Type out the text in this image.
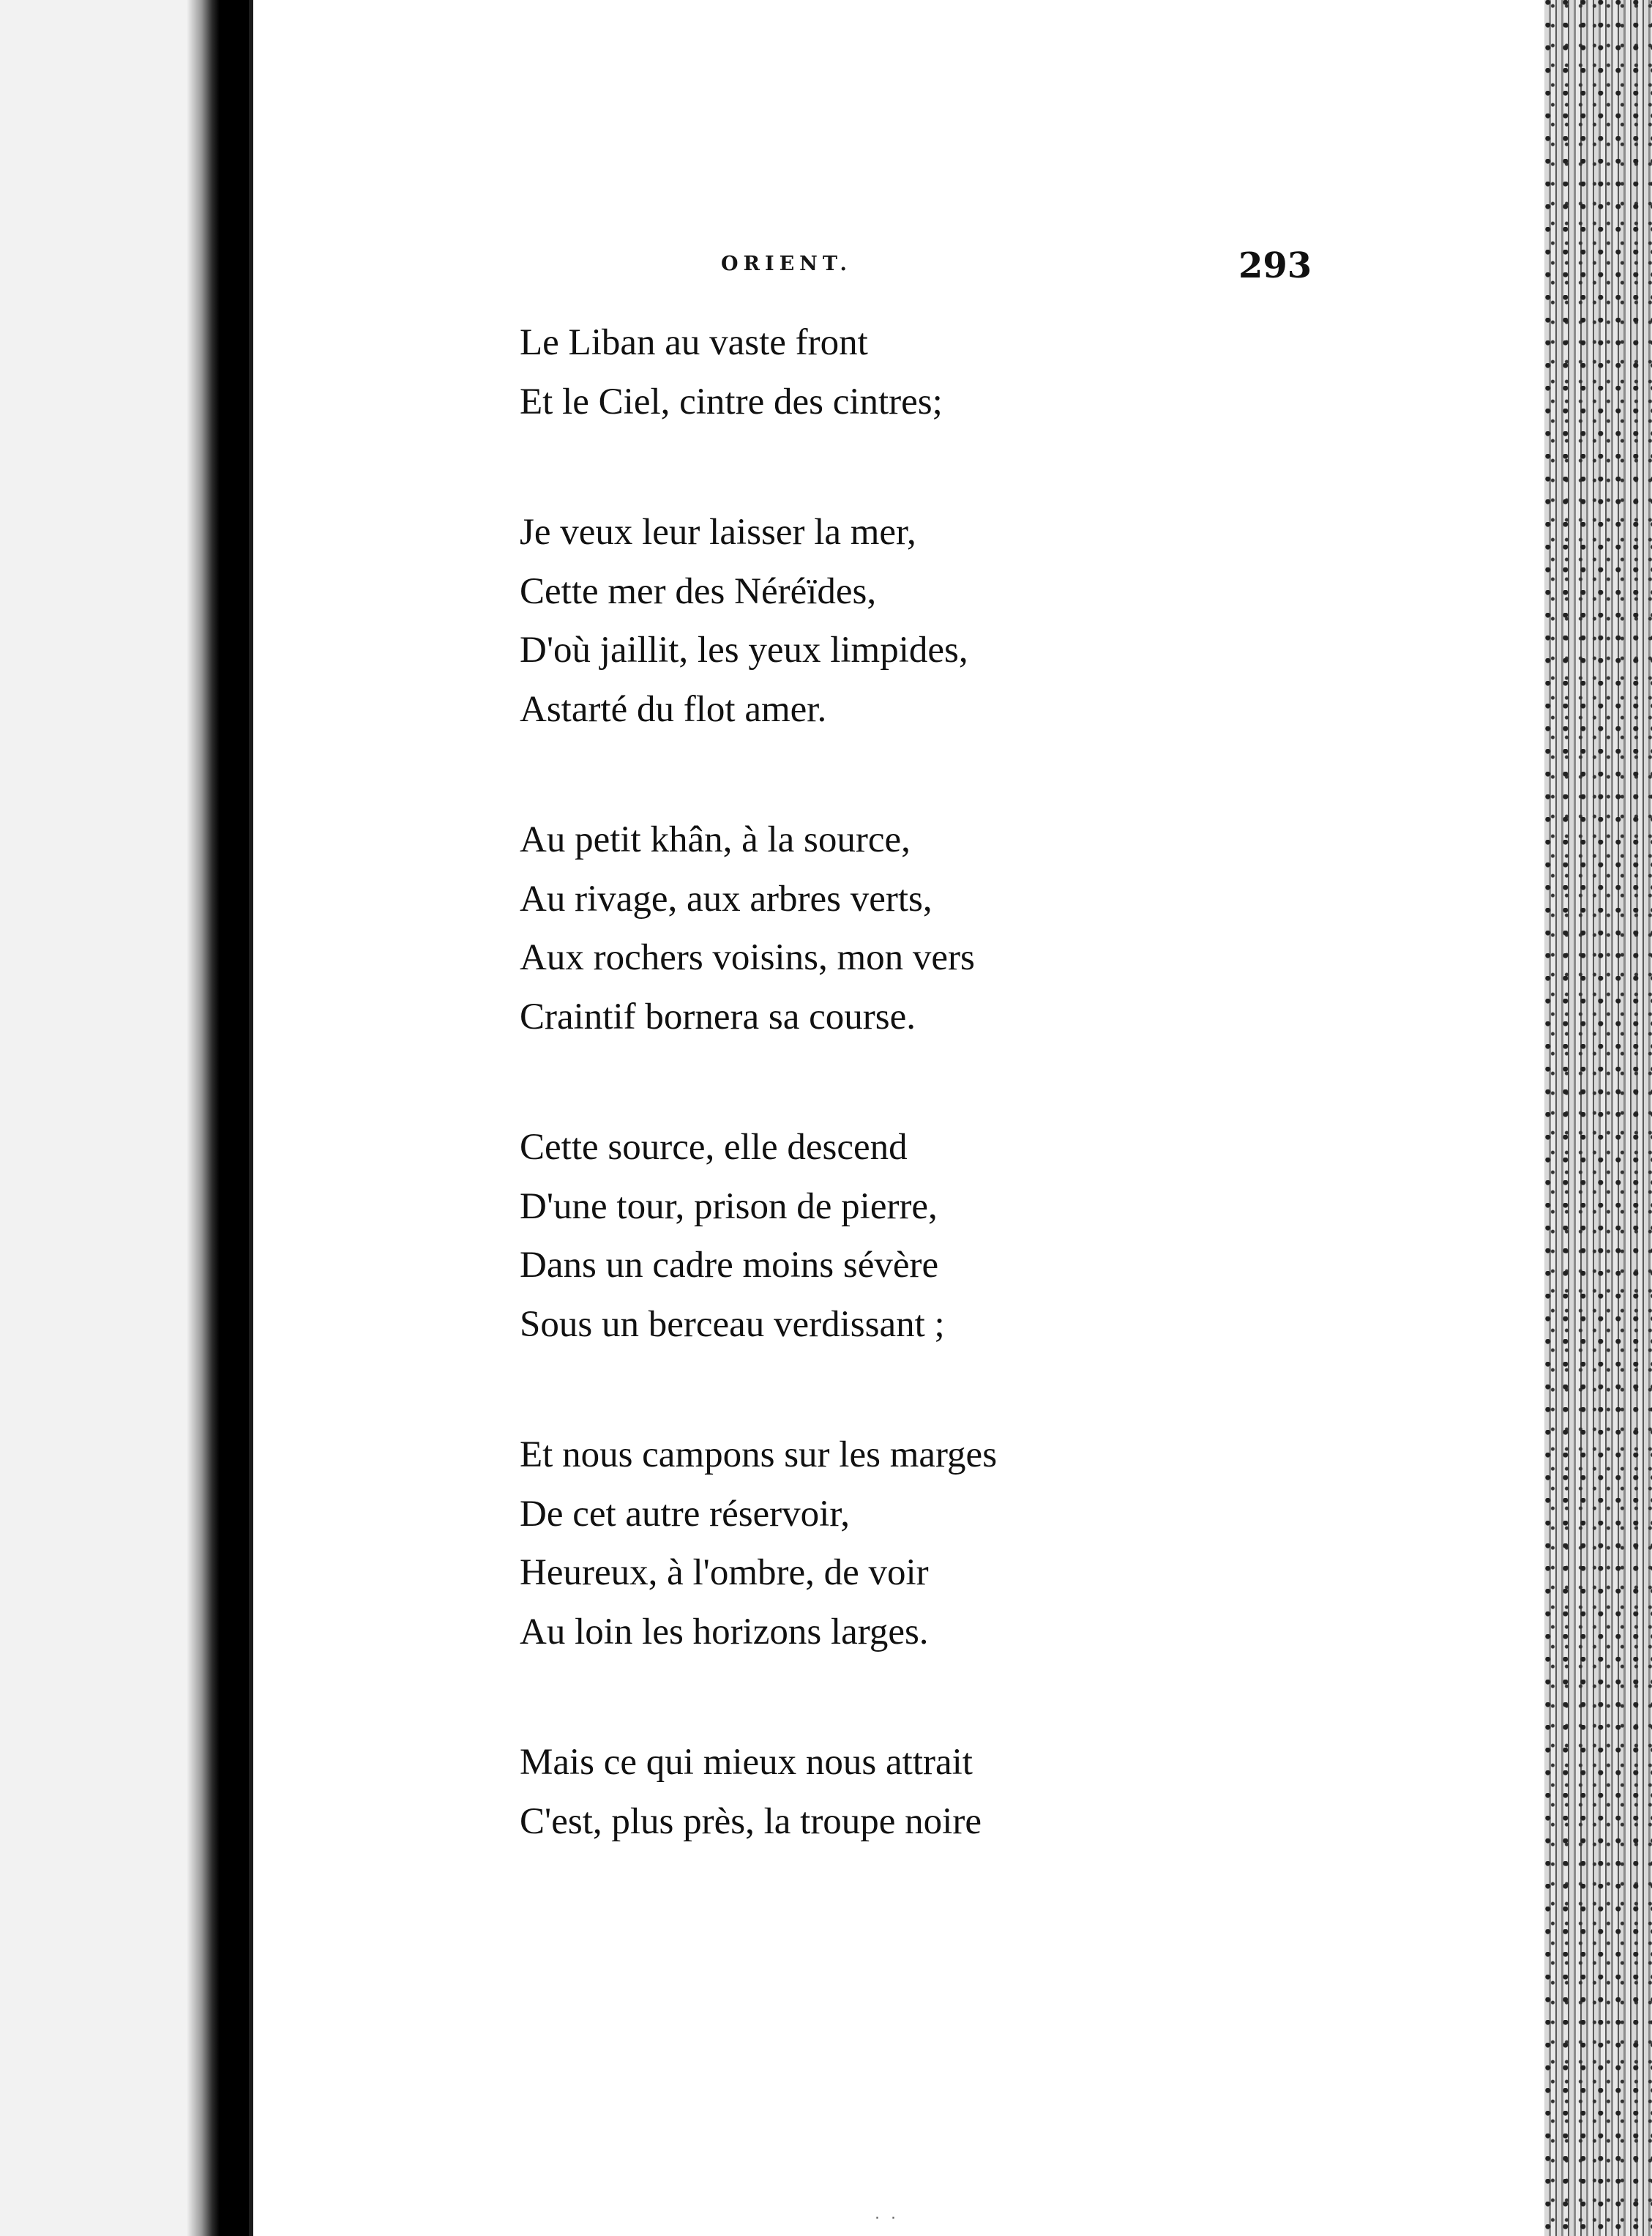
ORIENT.	293
Le Liban au vaste front
Et le Ciel, cintre des cintres;
Je veux leur laisser la mer,
Cette mer des Néréïdes,
D'où jaillit, les yeux limpides,
Astarté du flot amer.
Au petit khân, à la source,
Au rivage, aux arbres verts,
Aux rochers voisins, mon vers
Craintif bornera sa course.
Cette source, elle descend
D'une tour, prison de pierre,
Dans un cadre moins sévère
Sous un berceau verdissant ;
Et nous campons sur les marges
De cet autre réservoir,
Heureux, à l'ombre, de voir
Au loin les horizons larges.
Mais ce qui mieux nous attrait
C'est, plus près, la troupe noire
· ·
